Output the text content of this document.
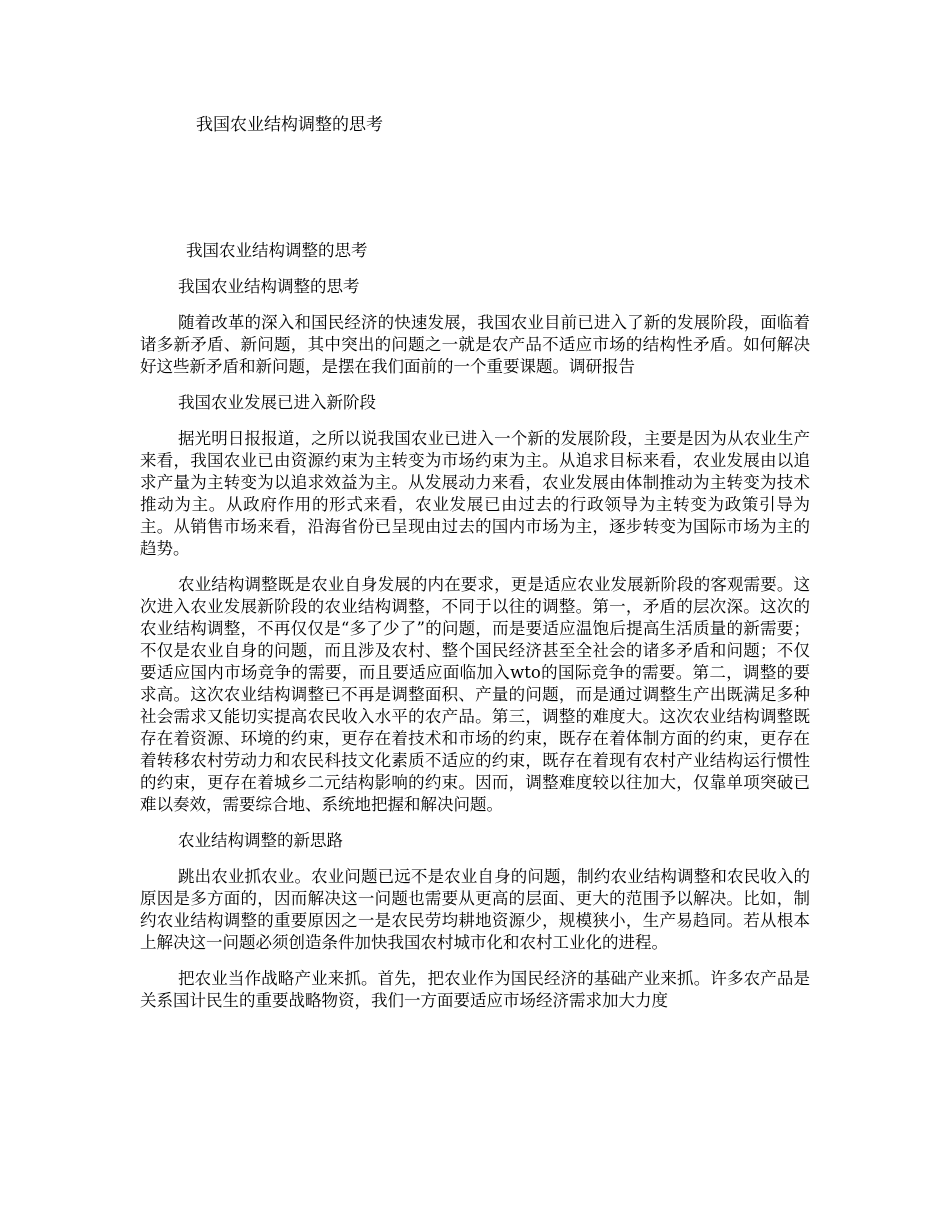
我国农业结构调整的思考

我国农业结构调整的思考

我国农业结构调整的思考

随着改革的深入和国民经济的快速发展，我国农业目前已进入了新的发展阶段，面临着诸多新矛盾、新问题，其中突出的问题之一就是农产品不适应市场的结构性矛盾。如何解决好这些新矛盾和新问题，是摆在我们面前的一个重要课题。调研报告

我国农业发展已进入新阶段

据光明日报报道，之所以说我国农业已进入一个新的发展阶段，主要是因为从农业生产来看，我国农业已由资源约束为主转变为市场约束为主。从追求目标来看，农业发展由以追求产量为主转变为以追求效益为主。从发展动力来看，农业发展由体制推动为主转变为技术推动为主。从政府作用的形式来看，农业发展已由过去的行政领导为主转变为政策引导为主。从销售市场来看，沿海省份已呈现由过去的国内市场为主，逐步转变为国际市场为主的趋势。

农业结构调整既是农业自身发展的内在要求，更是适应农业发展新阶段的客观需要。这次进入农业发展新阶段的农业结构调整，不同于以往的调整。第一，矛盾的层次深。这次的农业结构调整，不再仅仅是“多了少了”的问题，而是要适应温饱后提高生活质量的新需要；不仅是农业自身的问题，而且涉及农村、整个国民经济甚至全社会的诸多矛盾和问题；不仅要适应国内市场竞争的需要，而且要适应面临加入wto的国际竞争的需要。第二，调整的要求高。这次农业结构调整已不再是调整面积、产量的问题，而是通过调整生产出既满足多种社会需求又能切实提高农民收入水平的农产品。第三，调整的难度大。这次农业结构调整既存在着资源、环境的约束，更存在着技术和市场的约束，既存在着体制方面的约束，更存在着转移农村劳动力和农民科技文化素质不适应的约束，既存在着现有农村产业结构运行惯性的约束，更存在着城乡二元结构影响的约束。因而，调整难度较以往加大，仅靠单项突破已难以奏效，需要综合地、系统地把握和解决问题。

农业结构调整的新思路

跳出农业抓农业。农业问题已远不是农业自身的问题，制约农业结构调整和农民收入的原因是多方面的，因而解决这一问题也需要从更高的层面、更大的范围予以解决。比如，制约农业结构调整的重要原因之一是农民劳均耕地资源少，规模狭小，生产易趋同。若从根本上解决这一问题必须创造条件加快我国农村城市化和农村工业化的进程。

把农业当作战略产业来抓。首先，把农业作为国民经济的基础产业来抓。许多农产品是关系国计民生的重要战略物资，我们一方面要适应市场经济需求加大力度
